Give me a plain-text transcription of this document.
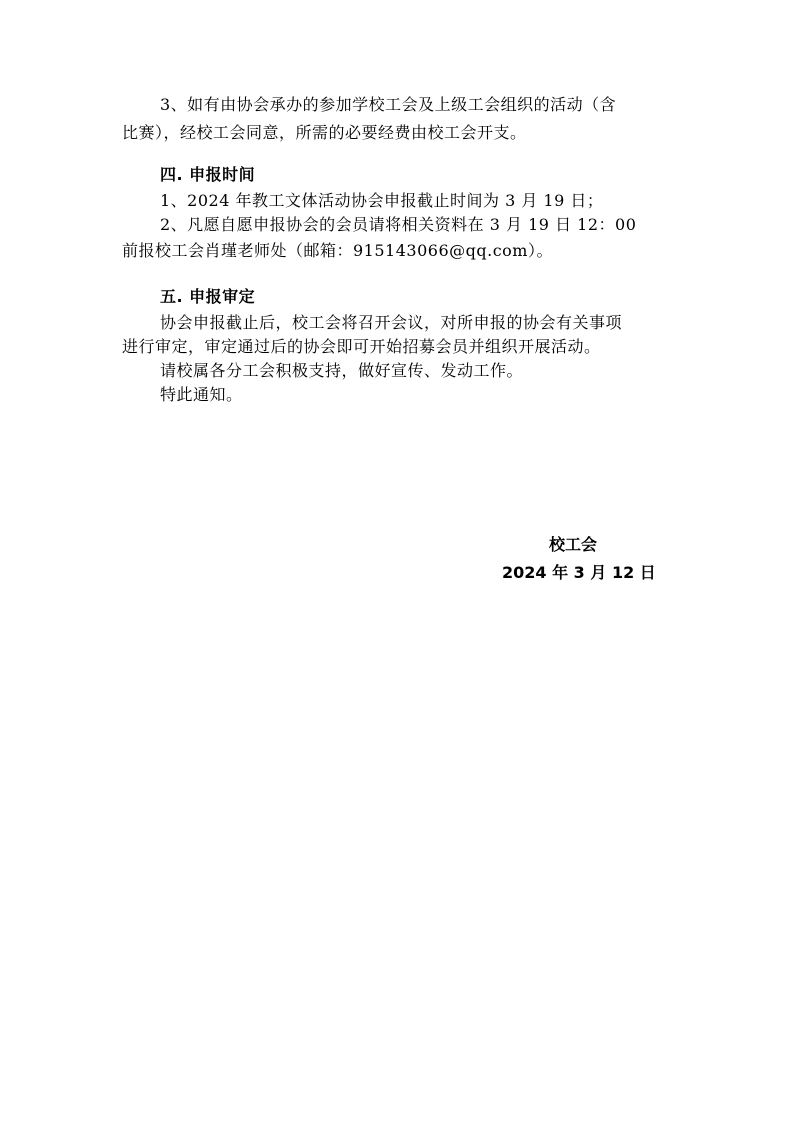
3、如有由协会承办的参加学校工会及上级工会组织的活动（含
比赛），经校工会同意，所需的必要经费由校工会开支。
四. 申报时间
1、2024 年教工文体活动协会申报截止时间为 3 月 19 日；
2、凡愿自愿申报协会的会员请将相关资料在 3 月 19 日 12：00
前报校工会肖瑾老师处（邮箱：915143066@qq.com）。
五. 申报审定
协会申报截止后，校工会将召开会议，对所申报的协会有关事项
进行审定，审定通过后的协会即可开始招募会员并组织开展活动。
请校属各分工会积极支持，做好宣传、发动工作。
特此通知。
校工会
2024 年 3 月 12 日
